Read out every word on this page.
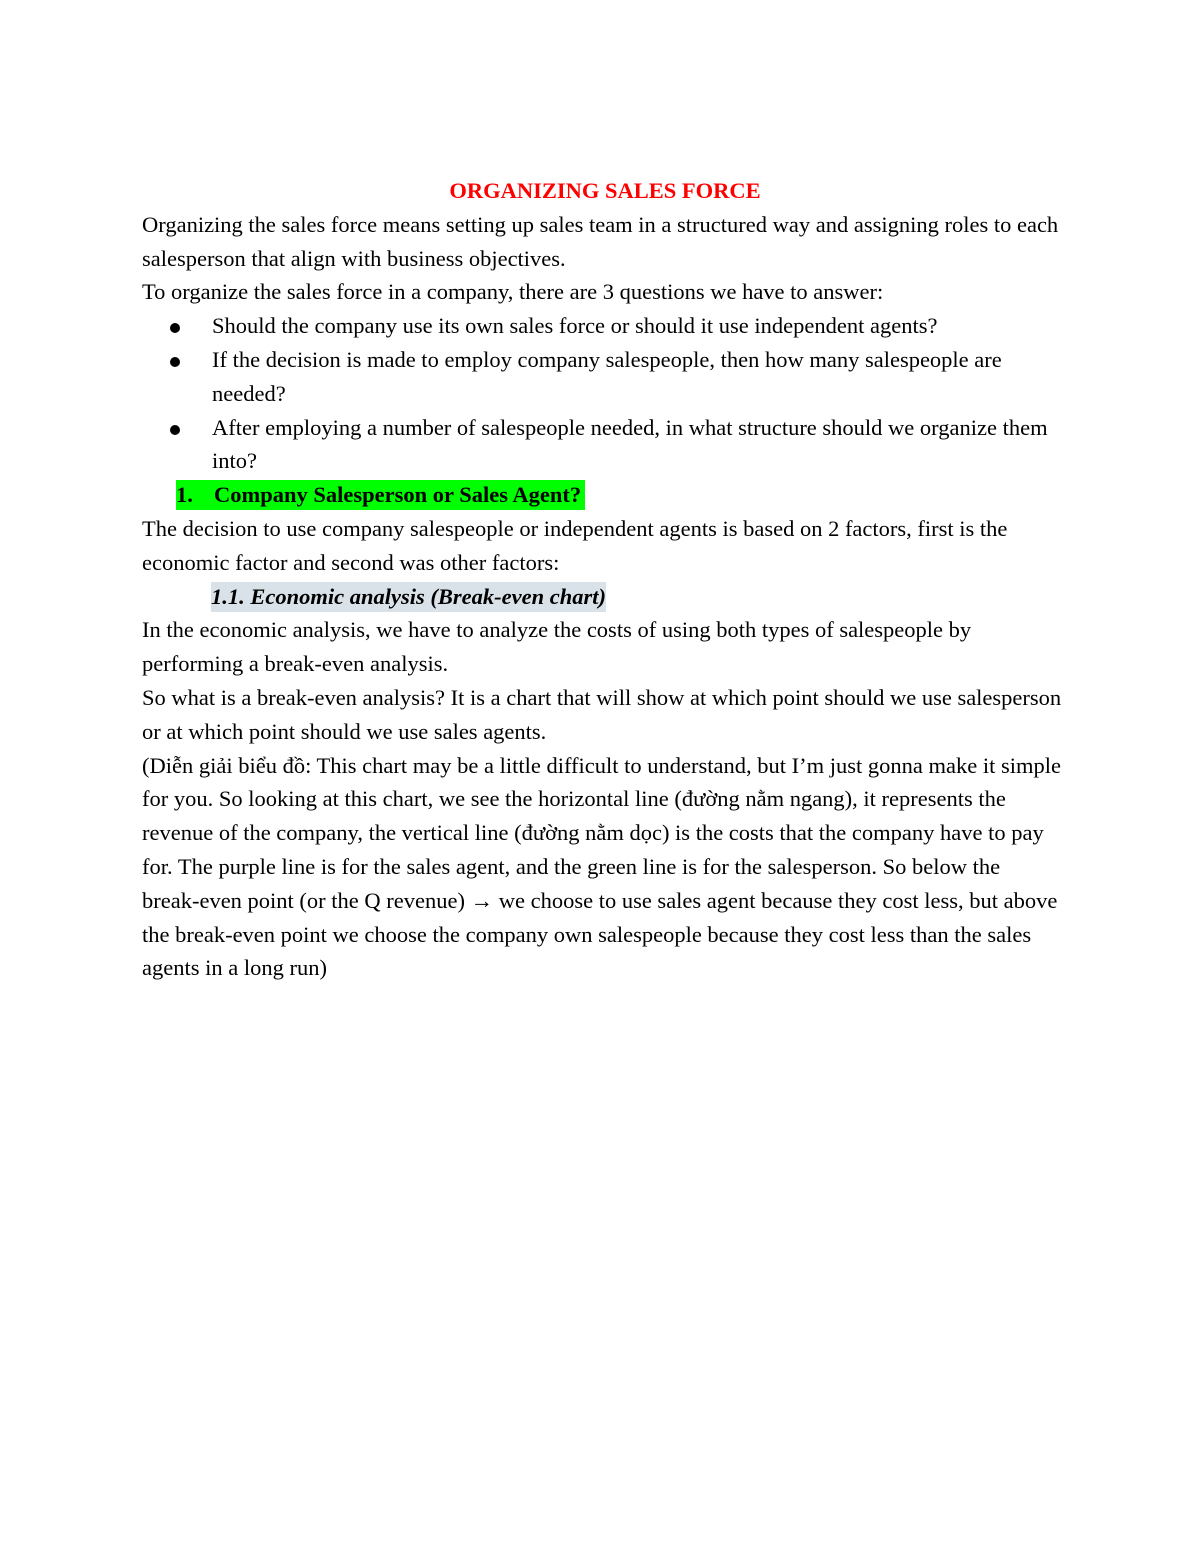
ORGANIZING SALES FORCE

Organizing the sales force means setting up sales team in a structured way and assigning roles to each salesperson that align with business objectives.

To organize the sales force in a company, there are 3 questions we have to answer:

Should the company use its own sales force or should it use independent agents?
If the decision is made to employ company salespeople, then how many salespeople are needed?
After employing a number of salespeople needed, in what structure should we organize them into?
1. Company Salesperson or Sales Agent?

The decision to use company salespeople or independent agents is based on 2 factors, first is the economic factor and second was other factors:

1.1. Economic analysis (Break-even chart)

In the economic analysis, we have to analyze the costs of using both types of salespeople by performing a break-even analysis.

So what is a break-even analysis? It is a chart that will show at which point should we use salesperson or at which point should we use sales agents.

(Diễn giải biểu đồ: This chart may be a little difficult to understand, but I’m just gonna make it simple for you. So looking at this chart, we see the horizontal line (đường nằm ngang), it represents the revenue of the company, the vertical line (đường nằm dọc) is the costs that the company have to pay for. The purple line is for the sales agent, and the green line is for the salesperson. So below the break-even point (or the Q revenue) → we choose to use sales agent because they cost less, but above the break-even point we choose the company own salespeople because they cost less than the sales agents in a long run)
